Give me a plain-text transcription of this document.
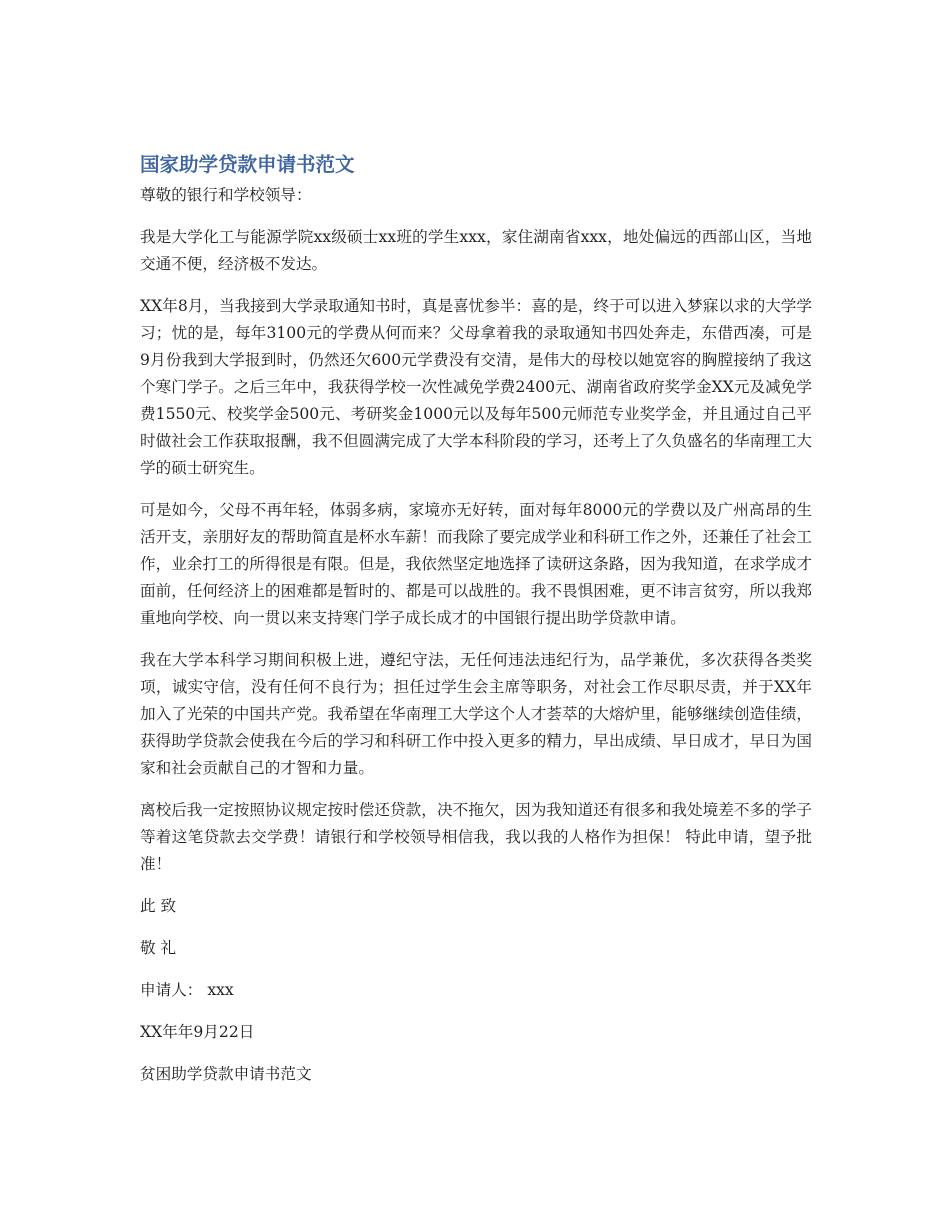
国家助学贷款申请书范文
尊敬的银行和学校领导：

我是大学化工与能源学院xx级硕士xx班的学生xxx，家住湖南省xxx，地处偏远的西部山区，当地交通不便，经济极不发达。

XX年8月，当我接到大学录取通知书时，真是喜忧参半：喜的是，终于可以进入梦寐以求的大学学习；忧的是，每年3100元的学费从何而来？父母拿着我的录取通知书四处奔走，东借西凑，可是9月份我到大学报到时，仍然还欠600元学费没有交清，是伟大的母校以她宽容的胸膛接纳了我这个寒门学子。之后三年中，我获得学校一次性减免学费2400元、湖南省政府奖学金XX元及减免学费1550元、校奖学金500元、考研奖金1000元以及每年500元师范专业奖学金，并且通过自己平时做社会工作获取报酬，我不但圆满完成了大学本科阶段的学习，还考上了久负盛名的华南理工大学的硕士研究生。

可是如今，父母不再年轻，体弱多病，家境亦无好转，面对每年8000元的学费以及广州高昂的生活开支，亲朋好友的帮助简直是杯水车薪！而我除了要完成学业和科研工作之外，还兼任了社会工作，业余打工的所得很是有限。但是，我依然坚定地选择了读研这条路，因为我知道，在求学成才面前，任何经济上的困难都是暂时的、都是可以战胜的。我不畏惧困难，更不讳言贫穷，所以我郑重地向学校、向一贯以来支持寒门学子成长成才的中国银行提出助学贷款申请。

我在大学本科学习期间积极上进，遵纪守法，无任何违法违纪行为，品学兼优，多次获得各类奖项，诚实守信，没有任何不良行为；担任过学生会主席等职务，对社会工作尽职尽责，并于XX年加入了光荣的中国共产党。我希望在华南理工大学这个人才荟萃的大熔炉里，能够继续创造佳绩，获得助学贷款会使我在今后的学习和科研工作中投入更多的精力，早出成绩、早日成才，早日为国家和社会贡献自己的才智和力量。

离校后我一定按照协议规定按时偿还贷款，决不拖欠，因为我知道还有很多和我处境差不多的学子等着这笔贷款去交学费！请银行和学校领导相信我，我以我的人格作为担保！ 特此申请，望予批准！

此 致
敬 礼
申请人： xxx
XX年年9月22日
贫困助学贷款申请书范文
